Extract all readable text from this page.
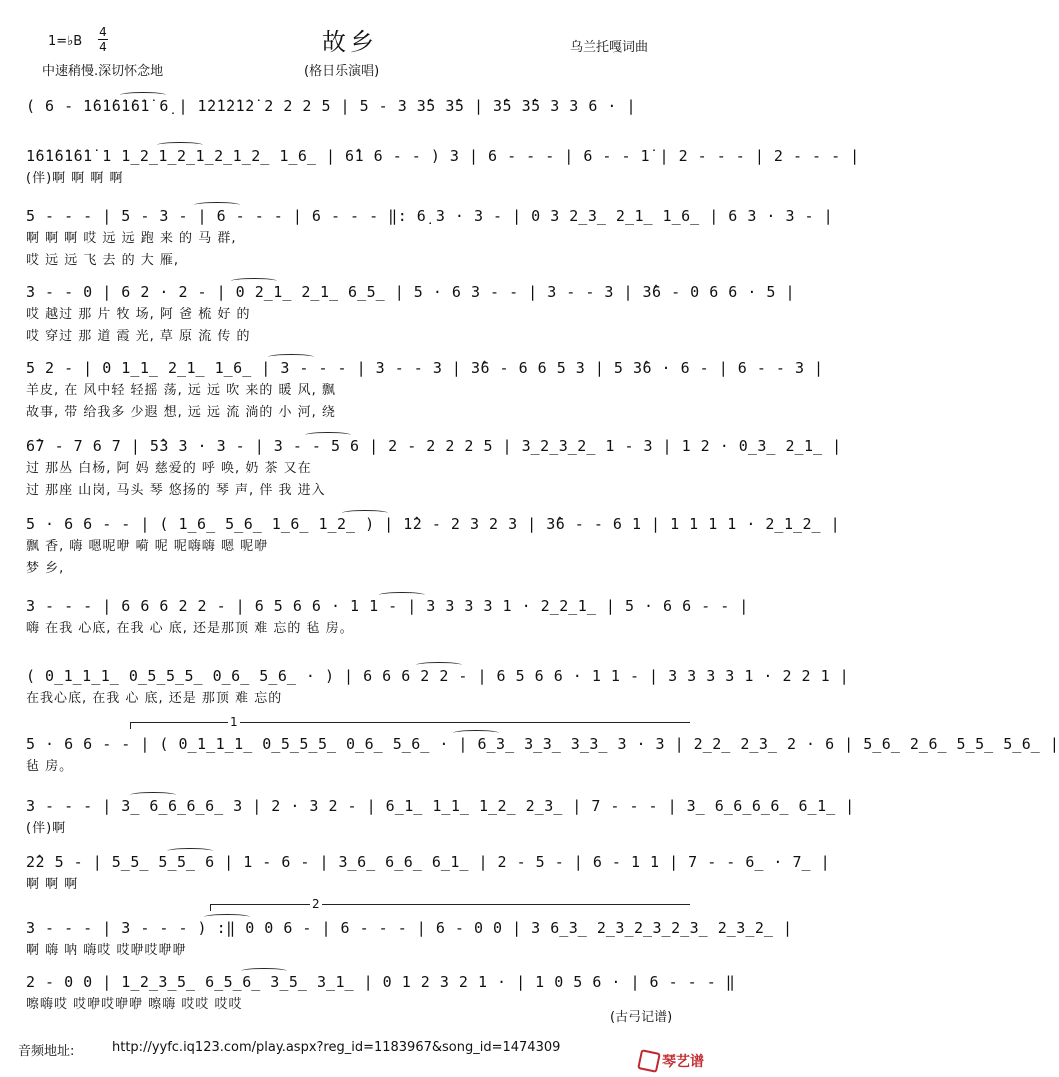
1=♭B
4
4	故乡	乌兰托嘎词曲
中速稍慢.深切怀念地	(格日乐演唱)
( 6 - 1̇6̇1̇6̇1̇6̇1̇ 6̣ | 1̇2̇1̇2̇1̇2̇ 2 2 2 5 | 5 - 3 3̂5 3̂5 | 3̂5 3̂5 3 3 6 · |
1̇6̇1̇6̇1̇6̇1̇ 1 1̲2̲1̲2̲1̲2̲1̲2̲ 1̲6̲ | 6̂1 6 - - ) 3 | 6 - - - | 6 - - 1̇ | 2 - - - | 2 - - - |
(伴)啊 啊 啊 啊
5 - - - | 5 - 3 - | 6 - - - | 6 - - - ‖: 6̣ 3 · 3 - | 0 3 2̲3̲ 2̲1̲ 1̲6̲ | 6 3 · 3 - |
啊 啊 啊 哎 远 远 跑 来 的 马 群,
哎 远 远 飞 去 的 大 雁,
3 - - 0 | 6 2 · 2 - | 0 2̲1̲ 2̲1̲ 6̲5̲ | 5 · 6 3 - - | 3 - - 3 | 3̂6 - 0 6 6 · 5 |
哎 越过 那 片 牧 场, 阿 爸 梳 好 的
哎 穿过 那 道 霞 光, 草 原 流 传 的
5 2 - | 0 1̲1̲ 2̲1̲ 1̲6̲ | 3 - - - | 3 - - 3 | 3̂6 - 6 6 5 3 | 5 3̂6 · 6 - | 6 - - 3 |
羊皮, 在 风中轻 轻摇 荡, 远 远 吹 来的 暖 风, 飘
故事, 带 给我多 少遐 想, 远 远 流 淌的 小 河, 绕
6̂7 - 7 6 7 | 5̂3 3 · 3 - | 3 - - 5 6 | 2 - 2 2 2 5 | 3̲2̲3̲2̲ 1 - 3 | 1 2 · 0̲3̲ 2̲1̲ |
过 那丛 白杨, 阿 妈 慈爱的 呼 唤, 奶 茶 又在
过 那座 山岗, 马头 琴 悠扬的 琴 声, 伴 我 进入
5 · 6 6 - - | ( 1̲6̲ 5̲6̲ 1̲6̲ 1̲2̲ ) | 1̂2 - 2 3 2 3 | 3̂6 - - 6 1 | 1 1 1 1 · 2̲1̲2̲ |
飘 香, 嗨 嗯呢咿 嗬 呢 呢嗨嗨 嗯 呢咿
梦 乡,
3 - - - | 6 6 6 2 2 - | 6 5 6 6 · 1 1 - | 3 3 3 3 1 · 2̲2̲1̲ | 5 · 6 6 - - |
嗨 在我 心底, 在我 心 底, 还是那顶 难 忘的 毡 房。
( 0̲1̲1̲1̲ 0̲5̲5̲5̲ 0̲6̲ 5̲6̲ · ) | 6 6 6 2 2 - | 6 5 6 6 · 1 1 - | 3 3 3 3 1 · 2 2 1 |
在我心底, 在我 心 底, 还是 那顶 难 忘的
5 · 6 6 - - | ( 0̲1̲1̲1̲ 0̲5̲5̲5̲ 0̲6̲ 5̲6̲ · | 6̲3̲ 3̲3̲ 3̲3̲ 3 · 3 | 2̲2̲ 2̲3̲ 2 · 6 | 5̲6̲ 2̲6̲ 5̲5̲ 5̲6̲ |
毡 房。
3 - - - | 3̲ 6̲6̲6̲6̲ 3 | 2 · 3 2 - | 6̲1̲ 1̲1̲ 1̲2̲ 2̲3̲ | 7 - - - | 3̲ 6̲6̲6̲6̲ 6̲1̲ |
(伴)啊
2̂2 5 - | 5̲5̲ 5̲5̲ 6 | 1 - 6 - | 3̲6̲ 6̲6̲ 6̲1̲ | 2 - 5 - | 6 - 1 1 | 7 - - 6̲ · 7̲ |
啊 啊 啊
3 - - - | 3 - - - ) :‖ 0 0 6 - | 6 - - - | 6 - 0 0 | 3 6̲3̲ 2̲3̲2̲3̲2̲3̲ 2̲3̲2̲ |
啊 嗨 呐 嗨哎 哎咿哎咿咿
2 - 0 0 | 1̲2̲3̲5̲ 6̲5̲6̲ 3̲5̲ 3̲1̲ | 0 1 2 3 2 1 · | 1 0 5 6 · | 6 - - - ‖
嚓嗨哎 哎咿哎咿咿 嚓嗨 哎哎 哎哎
1
2
(古弓记谱)
音频地址:	http://yyfc.iq123.com/play.aspx?reg_id=1183967&song_id=1474309
琴艺谱
